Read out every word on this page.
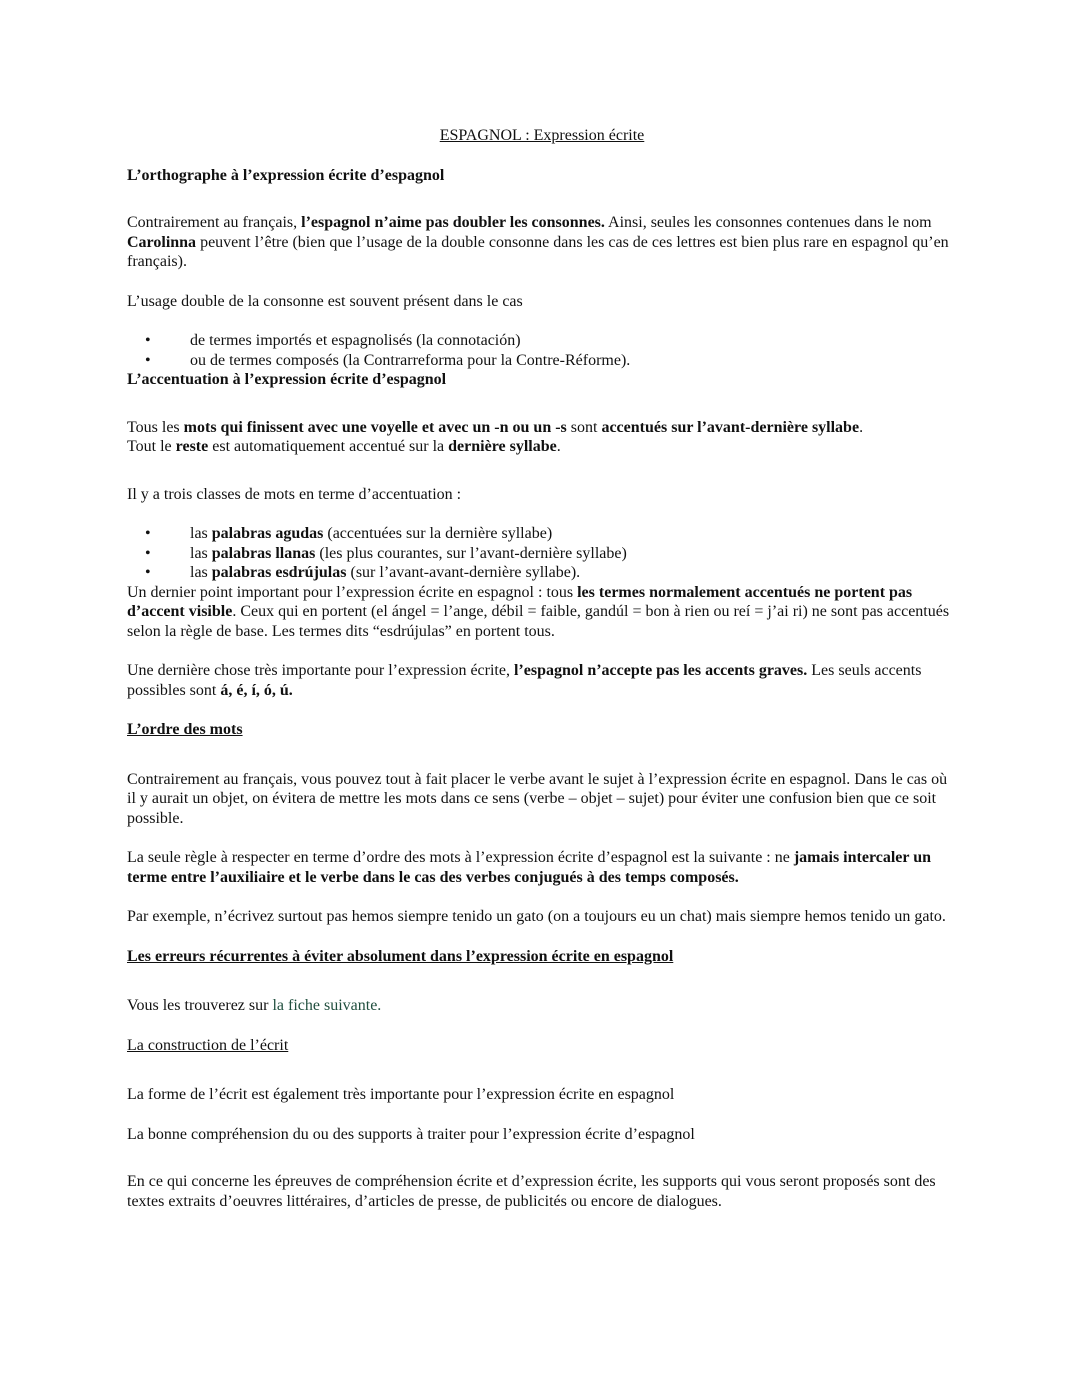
ESPAGNOL : Expression écrite
L’orthographe à l’expression écrite d’espagnol

Contrairement au français, l’espagnol n’aime pas doubler les consonnes. Ainsi, seules les consonnes contenues dans le nom Carolinna peuvent l’être (bien que l’usage de la double consonne dans les cas de ces lettres est bien plus rare en espagnol qu’en français).

L’usage double de la consonne est souvent présent dans le cas

• de termes importés et espagnolisés (la connotación)
• ou de termes composés (la Contrarreforma pour la Contre-Réforme).
L’accentuation à l’expression écrite d’espagnol

Tous les mots qui finissent avec une voyelle et avec un -n ou un -s sont accentués sur l’avant-dernière syllabe.
Tout le reste est automatiquement accentué sur la dernière syllabe.

Il y a trois classes de mots en terme d’accentuation :

• las palabras agudas (accentuées sur la dernière syllabe)
• las palabras llanas (les plus courantes, sur l’avant-dernière syllabe)
• las palabras esdrújulas (sur l’avant-avant-dernière syllabe).

Un dernier point important pour l’expression écrite en espagnol : tous les termes normalement accentués ne portent pas d’accent visible. Ceux qui en portent (el ángel = l’ange, débil = faible, gandúl = bon à rien ou reí = j’ai ri) ne sont pas accentués selon la règle de base. Les termes dits “esdrújulas” en portent tous.

Une dernière chose très importante pour l’expression écrite, l’espagnol n’accepte pas les accents graves. Les seuls accents possibles sont á, é, í, ó, ú.

L’ordre des mots

Contrairement au français, vous pouvez tout à fait placer le verbe avant le sujet à l’expression écrite en espagnol. Dans le cas où il y aurait un objet, on évitera de mettre les mots dans ce sens (verbe – objet – sujet) pour éviter une confusion bien que ce soit possible.

La seule règle à respecter en terme d’ordre des mots à l’expression écrite d’espagnol est la suivante : ne jamais intercaler un terme entre l’auxiliaire et le verbe dans le cas des verbes conjugués à des temps composés.

Par exemple, n’écrivez surtout pas hemos siempre tenido un gato (on a toujours eu un chat) mais siempre hemos tenido un gato.

Les erreurs récurrentes à éviter absolument dans l’expression écrite en espagnol

Vous les trouverez sur la fiche suivante.

La construction de l’écrit

La forme de l’écrit est également très importante pour l’expression écrite en espagnol

La bonne compréhension du ou des supports à traiter pour l’expression écrite d’espagnol

En ce qui concerne les épreuves de compréhension écrite et d’expression écrite, les supports qui vous seront proposés sont des textes extraits d’oeuvres littéraires, d’articles de presse, de publicités ou encore de dialogues.
